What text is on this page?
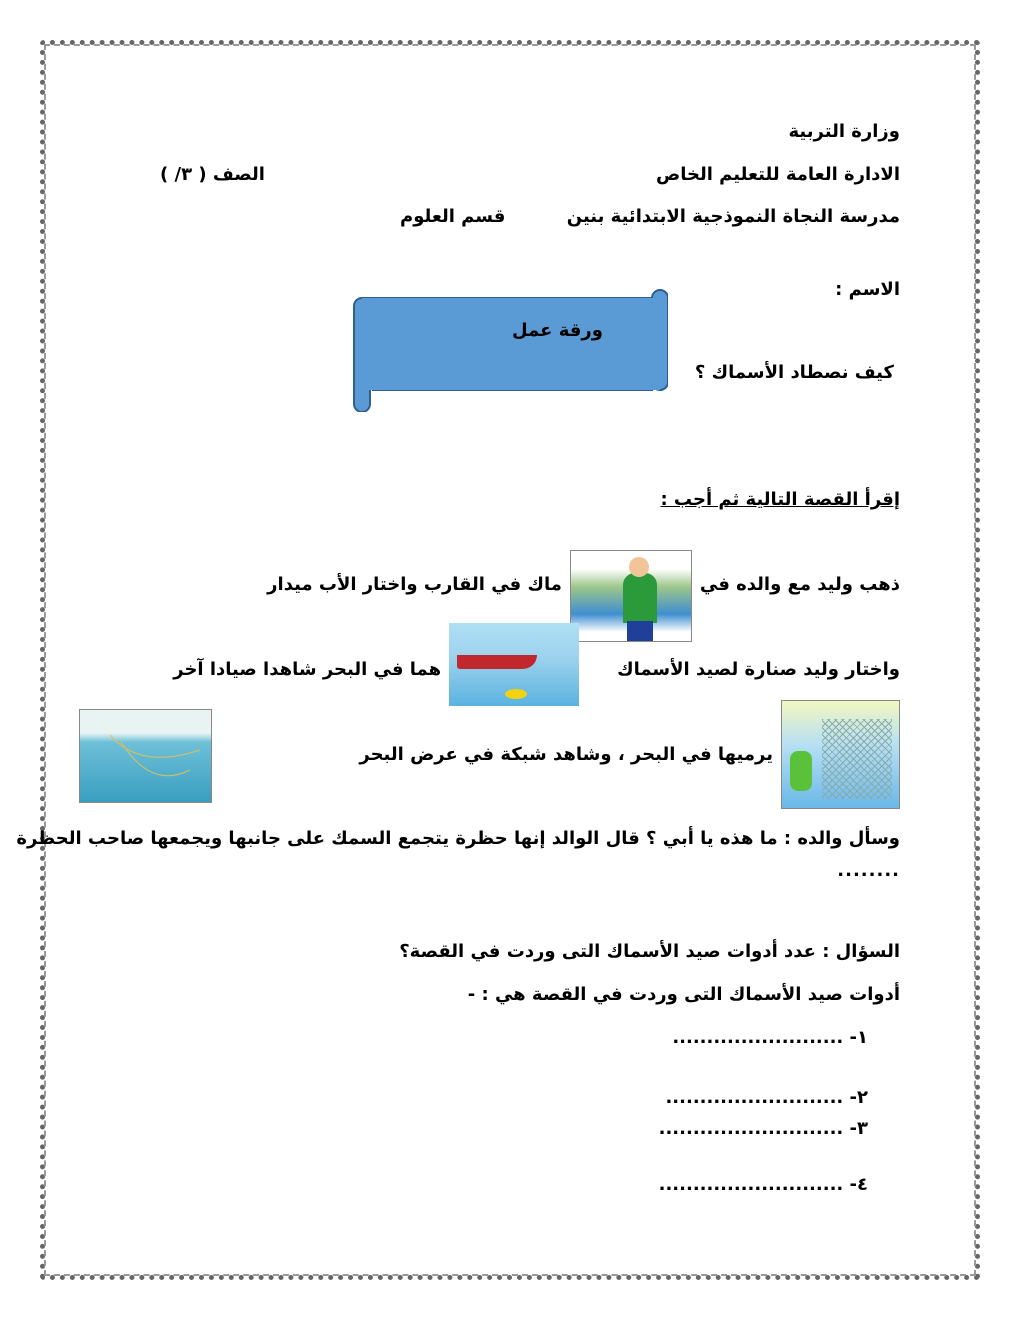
وزارة التربية
الادارة العامة للتعليم الخاص
الصف ( ٣/ )
مدرسة النجاة النموذجية الابتدائية بنين
قسم العلوم
الاسم :
ورقة عمل
كيف نصطاد الأسماك ؟
إقرأ القصة التالية ثم أجب :
ذهب وليد مع والده في
ماك في القارب واختار الأب ميدار
واختار وليد صنارة لصيد الأسماك
هما في البحر شاهدا صيادا آخر
يرميها في البحر ، وشاهد شبكة في عرض البحر
وسأل والده : ما هذه يا أبي ؟ قال الوالد إنها حظرة يتجمع السمك على جانبها ويجمعها صاحب الحظرة
........
السؤال : عدد أدوات صيد الأسماك التى وردت في القصة؟
أدوات صيد الأسماك التى وردت في القصة هي : -
١- .........................
٢- ..........................
٣- ...........................
٤- ...........................
